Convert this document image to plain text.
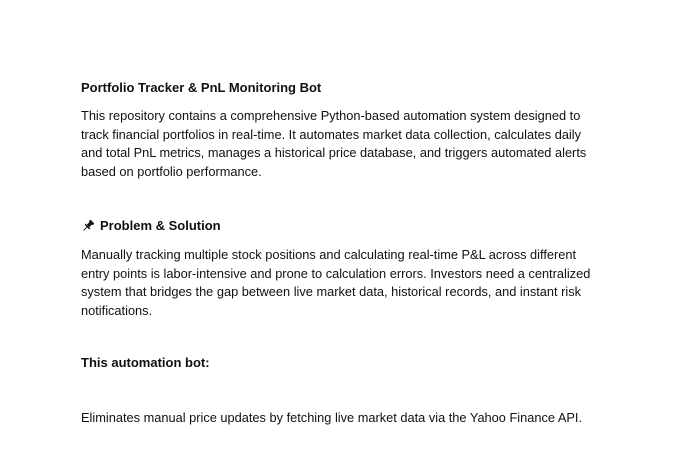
Portfolio Tracker & PnL Monitoring Bot

This repository contains a comprehensive Python-based automation system designed to track financial portfolios in real-time. It automates market data collection, calculates daily and total PnL metrics, manages a historical price database, and triggers automated alerts based on portfolio performance.

Problem & Solution

Manually tracking multiple stock positions and calculating real-time P&L across different entry points is labor-intensive and prone to calculation errors. Investors need a centralized system that bridges the gap between live market data, historical records, and instant risk notifications.

This automation bot:

Eliminates manual price updates by fetching live market data via the Yahoo Finance API.
